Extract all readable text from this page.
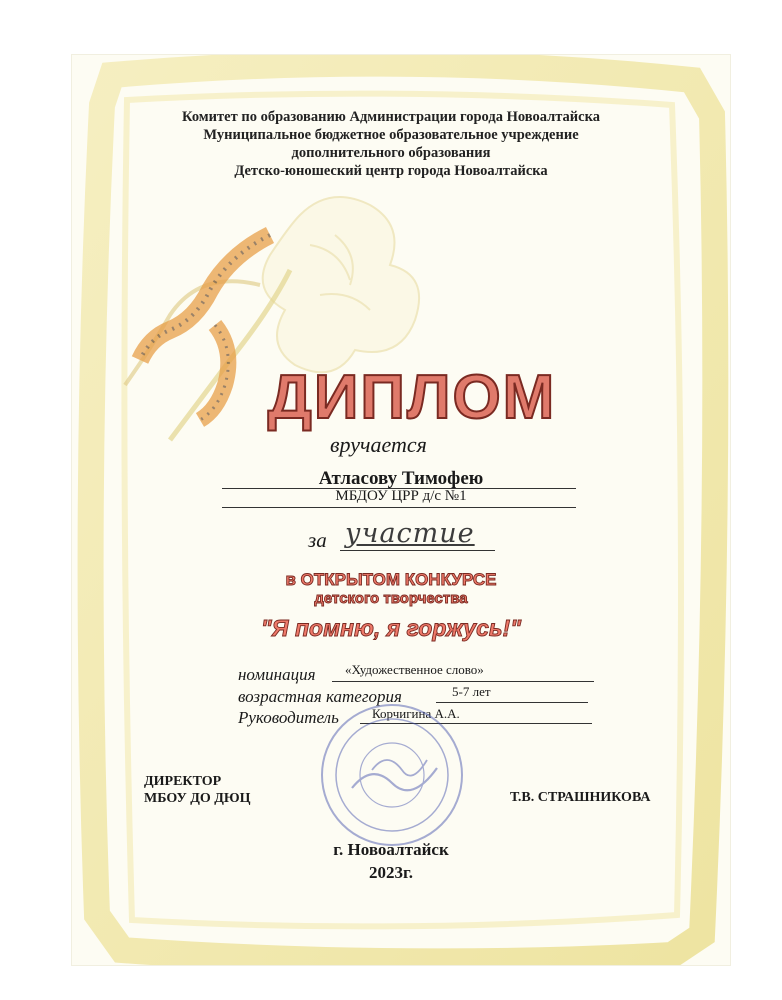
Комитет по образованию Администрации города Новоалтайска
Муниципальное бюджетное образовательное учреждение
дополнительного образования
Детско-юношеский центр города Новоалтайска
ДИПЛОМ
вручается
Атласову Тимофею
МБДОУ ЦРР д/с №1
за участие
в ОТКРЫТОМ КОНКУРСЕ
детского творчества
"Я помню, я горжусь!"
номинация «Художественное слово»
возрастная категория	5-7 лет
Руководитель	Корчигина А.А.
ДИРЕКТОР
МБОУ ДО ДЮЦ	Т.В. СТРАШНИКОВА
г. Новоалтайск
2023г.
